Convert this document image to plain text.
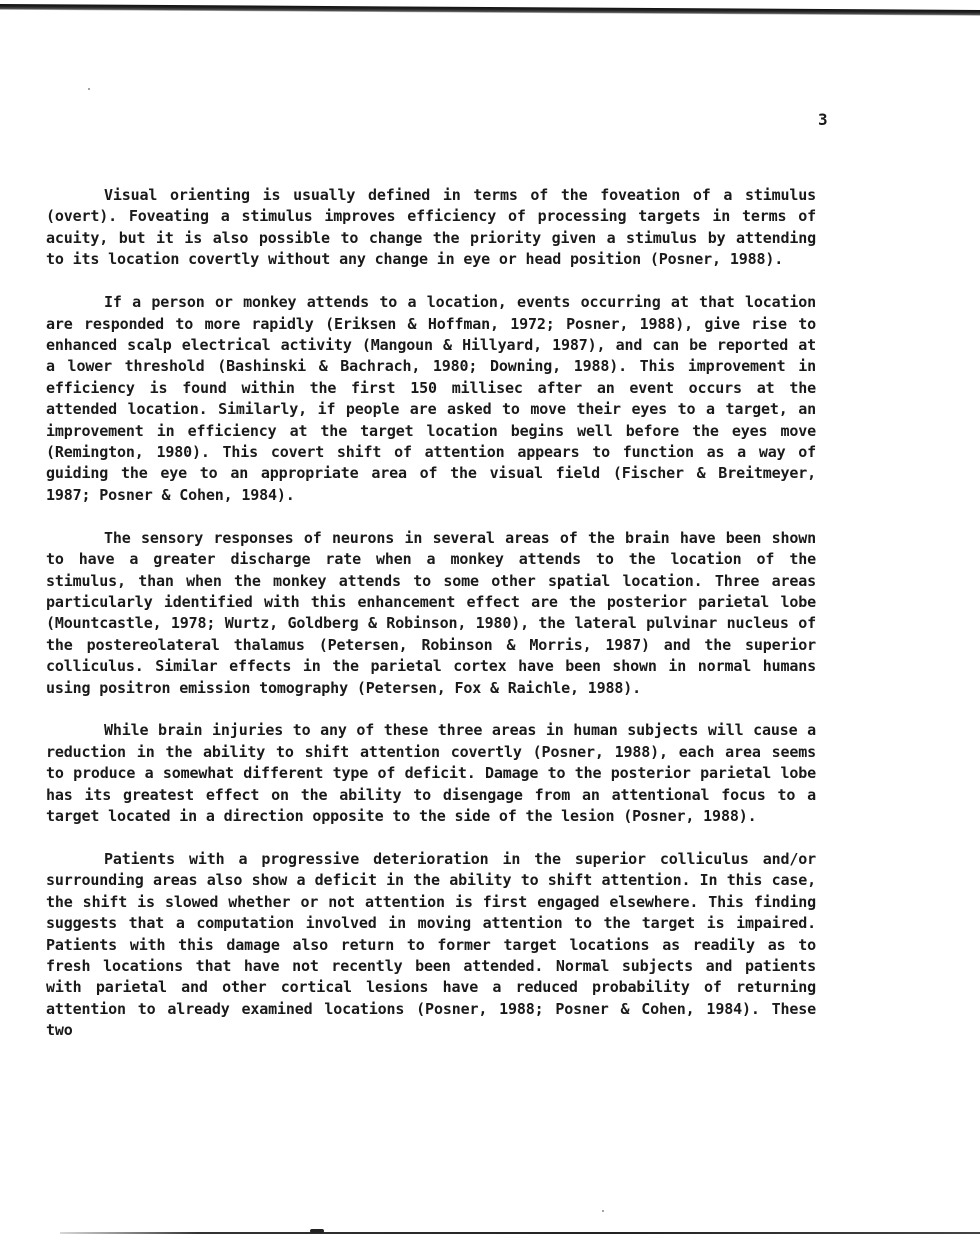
3

Visual orienting is usually defined in terms of the foveation of a stimulus (overt). Foveating a stimulus improves efficiency of processing targets in terms of acuity, but it is also possible to change the priority given a stimulus by attending to its location covertly without any change in eye or head position (Posner, 1988).

If a person or monkey attends to a location, events occurring at that location are responded to more rapidly (Eriksen & Hoffman, 1972; Posner, 1988), give rise to enhanced scalp electrical activity (Mangoun & Hillyard, 1987), and can be reported at a lower threshold (Bashinski & Bachrach, 1980; Downing, 1988). This improvement in efficiency is found within the first 150 millisec after an event occurs at the attended location. Similarly, if people are asked to move their eyes to a target, an improvement in efficiency at the target location begins well before the eyes move (Remington, 1980). This covert shift of attention appears to function as a way of guiding the eye to an appropriate area of the visual field (Fischer & Breitmeyer, 1987; Posner & Cohen, 1984).

The sensory responses of neurons in several areas of the brain have been shown to have a greater discharge rate when a monkey attends to the location of the stimulus, than when the monkey attends to some other spatial location. Three areas particularly identified with this enhancement effect are the posterior parietal lobe (Mountcastle, 1978; Wurtz, Goldberg & Robinson, 1980), the lateral pulvinar nucleus of the postereolateral thalamus (Petersen, Robinson & Morris, 1987) and the superior colliculus. Similar effects in the parietal cortex have been shown in normal humans using positron emission tomography (Petersen, Fox & Raichle, 1988).

While brain injuries to any of these three areas in human subjects will cause a reduction in the ability to shift attention covertly (Posner, 1988), each area seems to produce a somewhat different type of deficit. Damage to the posterior parietal lobe has its greatest effect on the ability to disengage from an attentional focus to a target located in a direction opposite to the side of the lesion (Posner, 1988).

Patients with a progressive deterioration in the superior colliculus and/or surrounding areas also show a deficit in the ability to shift attention. In this case, the shift is slowed whether or not attention is first engaged elsewhere. This finding suggests that a computation involved in moving attention to the target is impaired. Patients with this damage also return to former target locations as readily as to fresh locations that have not recently been attended. Normal subjects and patients with parietal and other cortical lesions have a reduced probability of returning attention to already examined locations (Posner, 1988; Posner & Cohen, 1984). These two
